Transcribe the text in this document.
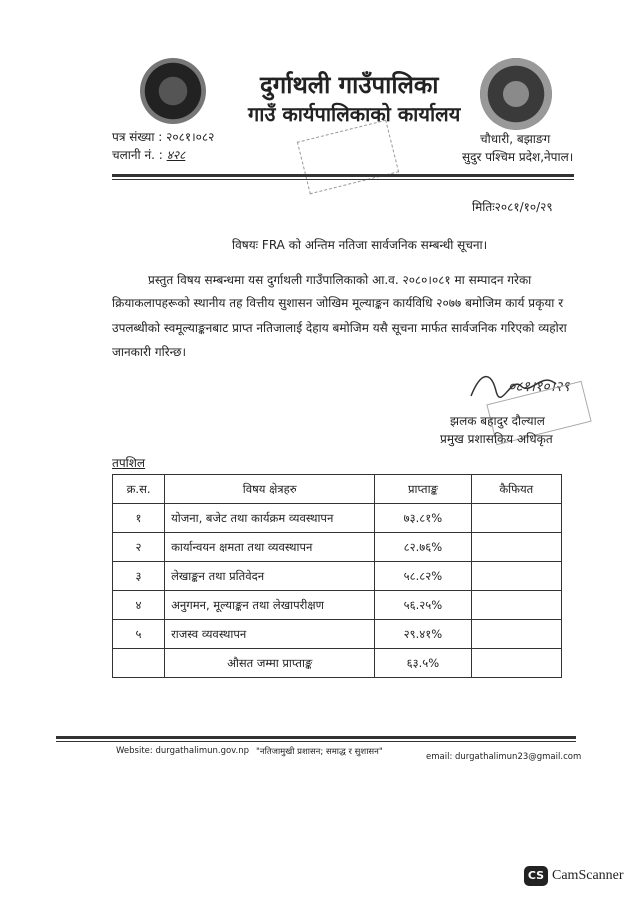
दुर्गाथली गाउँपालिका
गाउँ कार्यपालिकाको कार्यालय
पत्र संख्या : २०८१।०८२
चलानी नं. : ४२८
चौधारी, बझाङग
सुदुर पश्चिम प्रदेश,नेपाल।
मितिः२०८१/१०/२९
विषयः FRA को अन्तिम नतिजा सार्वजनिक सम्बन्धी सूचना।
प्रस्तुत विषय सम्बन्धमा यस दुर्गाथली गाउँपालिकाको आ.व. २०८०।०८१ मा सम्पादन गरेका
क्रियाकलापहरूको स्थानीय तह वित्तीय सुशासन जोखिम मूल्याङ्कन कार्यविधि २०७७ बमोजिम कार्य प्रकृया र
उपलब्धीको स्वमूल्याङ्कनबाट प्राप्त नतिजालाई देहाय बमोजिम यसै सूचना मार्फत सार्वजनिक गरिएको व्यहोरा
जानकारी गरिन्छ।
०८१।१०।२९
झलक बहादुर दौल्याल
प्रमुख प्रशासकिय अधिकृत
तपशिल
क्र.स.	विषय क्षेत्रहरु	प्राप्ताङ्क	कैफियत
१	योजना, बजेट तथा कार्यक्रम व्यवस्थापन	७३.८१%	
२	कार्यान्वयन क्षमता तथा व्यवस्थापन	८२.७६%	
३	लेखाङ्कन तथा प्रतिवेदन	५८.८२%	
४	अनुगमन, मूल्याङ्कन तथा लेखापरीक्षण	५६.२५%	
५	राजस्व व्यवस्थापन	२९.४१%	
	औसत जम्मा प्राप्ताङ्क	६३.५%	
Website: durgathalimun.gov.np "नतिजामुखी प्रशासन; समाद्ध र सुशासन"	email: durgathalimun23@gmail.com
CS CamScanner
